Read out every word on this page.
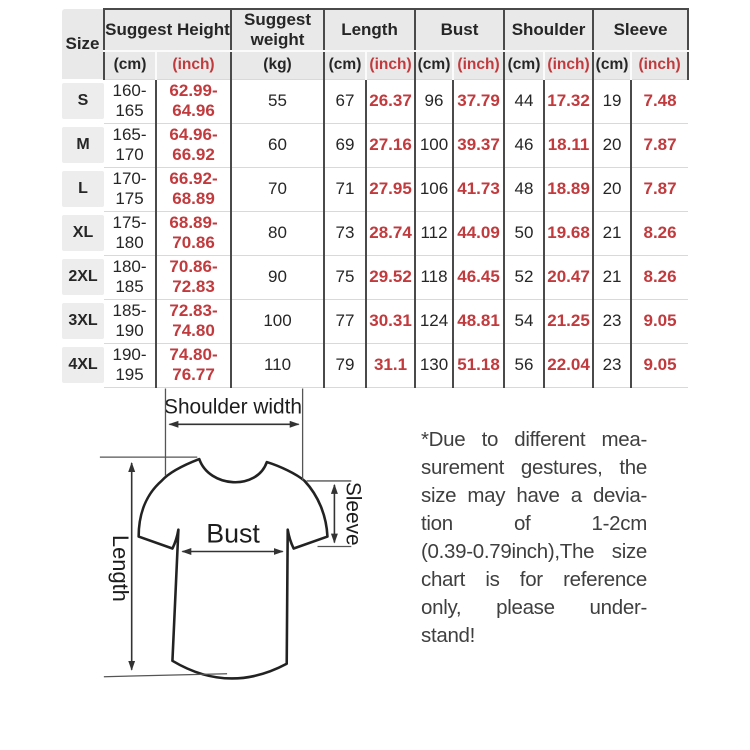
Size	Suggest Height		Suggest weight	Length		Bust		Shoulder		Sleeve	
	(cm)	(inch)	(kg)	(cm)	(inch)	(cm)	(inch)	(cm)	(inch)	(cm)	(inch)

S	160-165	62.99-64.96	55	67	26.37	96	37.79	44	17.32	19	7.48

M	165-170	64.96-66.92	60	69	27.16	100	39.37	46	18.11	20	7.87

L	170-175	66.92-68.89	70	71	27.95	106	41.73	48	18.89	20	7.87

XL	175-180	68.89-70.86	80	73	28.74	112	44.09	50	19.68	21	8.26

2XL	180-185	70.86-72.83	90	75	29.52	118	46.45	52	20.47	21	8.26

3XL	185-190	72.83-74.80	100	77	30.31	124	48.81	54	21.25	23	9.05

4XL	190-195	74.80-76.77	110	79	31.1	130	51.18	56	22.04	23	9.05
Shoulder width
Bust	Sleeve
Length
*Due to different mea-
surement gestures, the
size may have a devia-
tion of 1-2cm
(0.39-0.79inch),The size
chart is for reference
only, please under-
stand!
